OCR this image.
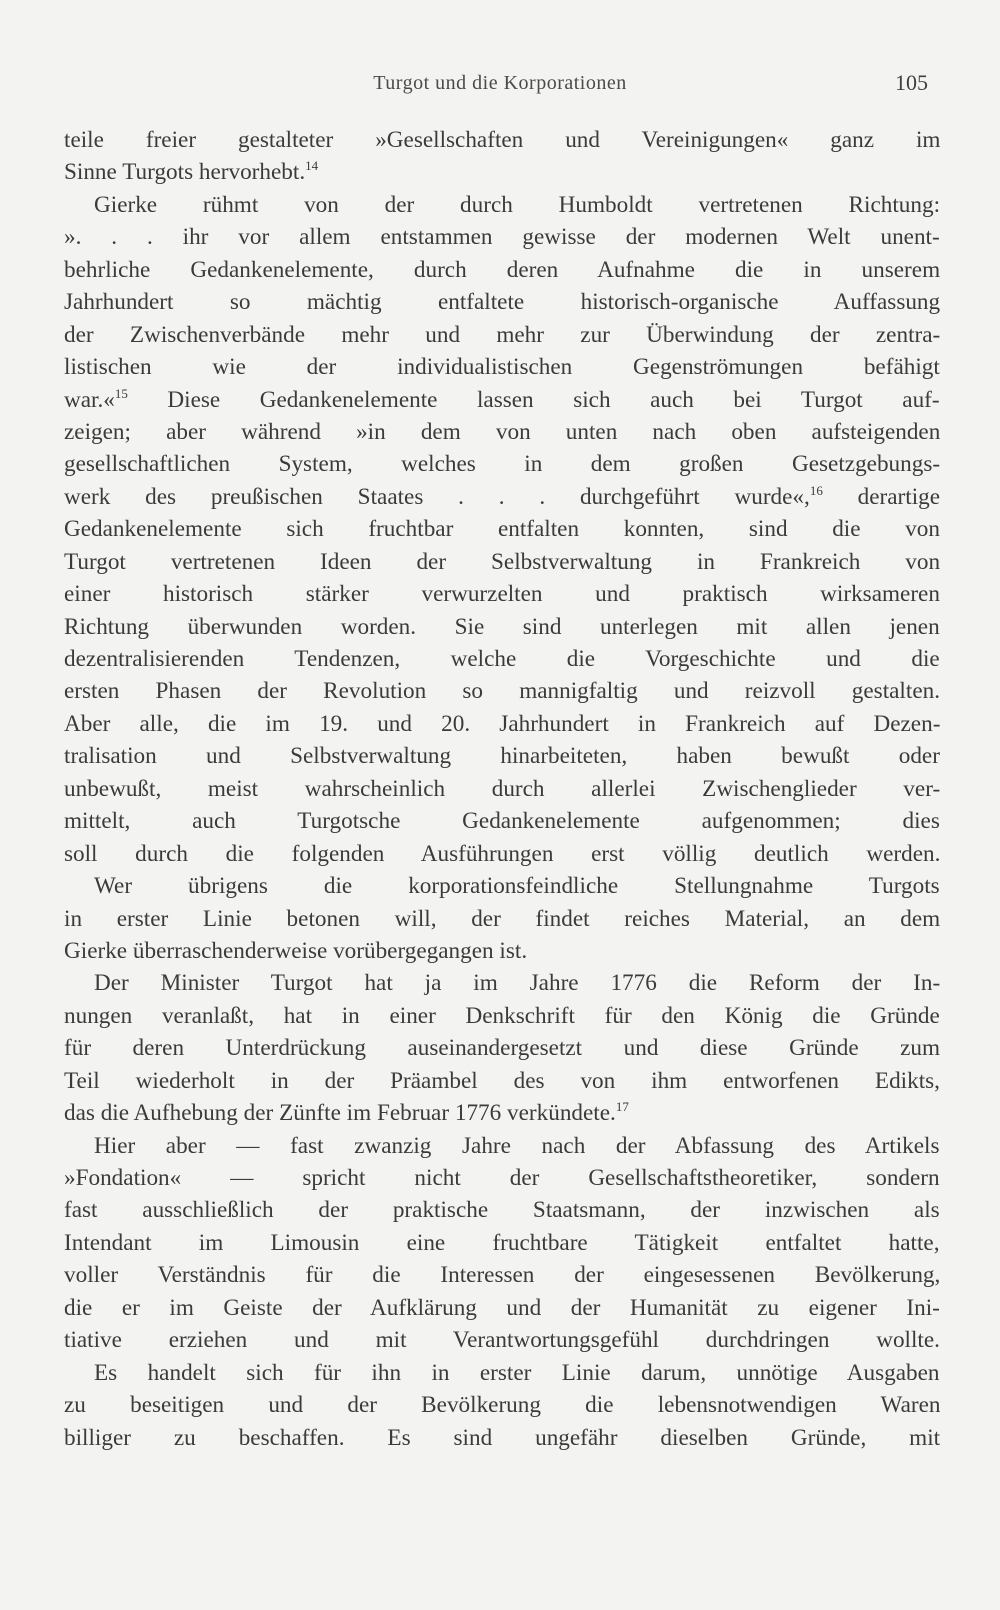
Turgot und die Korporationen	105
teile freier gestalteter »Gesellschaften und Vereinigungen« ganz im
Sinne Turgots hervorhebt.$^{14}$
Gierke rühmt von der durch Humboldt vertretenen Richtung:
». . . ihr vor allem entstammen gewisse der modernen Welt unent-
behrliche Gedankenelemente, durch deren Aufnahme die in unserem
Jahrhundert so mächtig entfaltete historisch-organische Auffassung
der Zwischenverbände mehr und mehr zur Überwindung der zentra-
listischen wie der individualistischen Gegenströmungen befähigt
war.«$^{15}$ Diese Gedankenelemente lassen sich auch bei Turgot auf-
zeigen; aber während »in dem von unten nach oben aufsteigenden
gesellschaftlichen System, welches in dem großen Gesetzgebungs-
werk des preußischen Staates . . . durchgeführt wurde«,$^{16}$ derartige
Gedankenelemente sich fruchtbar entfalten konnten, sind die von
Turgot vertretenen Ideen der Selbstverwaltung in Frankreich von
einer historisch stärker verwurzelten und praktisch wirksameren
Richtung überwunden worden. Sie sind unterlegen mit allen jenen
dezentralisierenden Tendenzen, welche die Vorgeschichte und die
ersten Phasen der Revolution so mannigfaltig und reizvoll gestalten.
Aber alle, die im 19. und 20. Jahrhundert in Frankreich auf Dezen-
tralisation und Selbstverwaltung hinarbeiteten, haben bewußt oder
unbewußt, meist wahrscheinlich durch allerlei Zwischenglieder ver-
mittelt, auch Turgotsche Gedankenelemente aufgenommen; dies
soll durch die folgenden Ausführungen erst völlig deutlich werden.
Wer übrigens die korporationsfeindliche Stellungnahme Turgots
in erster Linie betonen will, der findet reiches Material, an dem
Gierke überraschenderweise vorübergegangen ist.
Der Minister Turgot hat ja im Jahre 1776 die Reform der In-
nungen veranlaßt, hat in einer Denkschrift für den König die Gründe
für deren Unterdrückung auseinandergesetzt und diese Gründe zum
Teil wiederholt in der Präambel des von ihm entworfenen Edikts,
das die Aufhebung der Zünfte im Februar 1776 verkündete.$^{17}$
Hier aber — fast zwanzig Jahre nach der Abfassung des Artikels
»Fondation« — spricht nicht der Gesellschaftstheoretiker, sondern
fast ausschließlich der praktische Staatsmann, der inzwischen als
Intendant im Limousin eine fruchtbare Tätigkeit entfaltet hatte,
voller Verständnis für die Interessen der eingesessenen Bevölkerung,
die er im Geiste der Aufklärung und der Humanität zu eigener Ini-
tiative erziehen und mit Verantwortungsgefühl durchdringen wollte.
Es handelt sich für ihn in erster Linie darum, unnötige Ausgaben
zu beseitigen und der Bevölkerung die lebensnotwendigen Waren
billiger zu beschaffen. Es sind ungefähr dieselben Gründe, mit
